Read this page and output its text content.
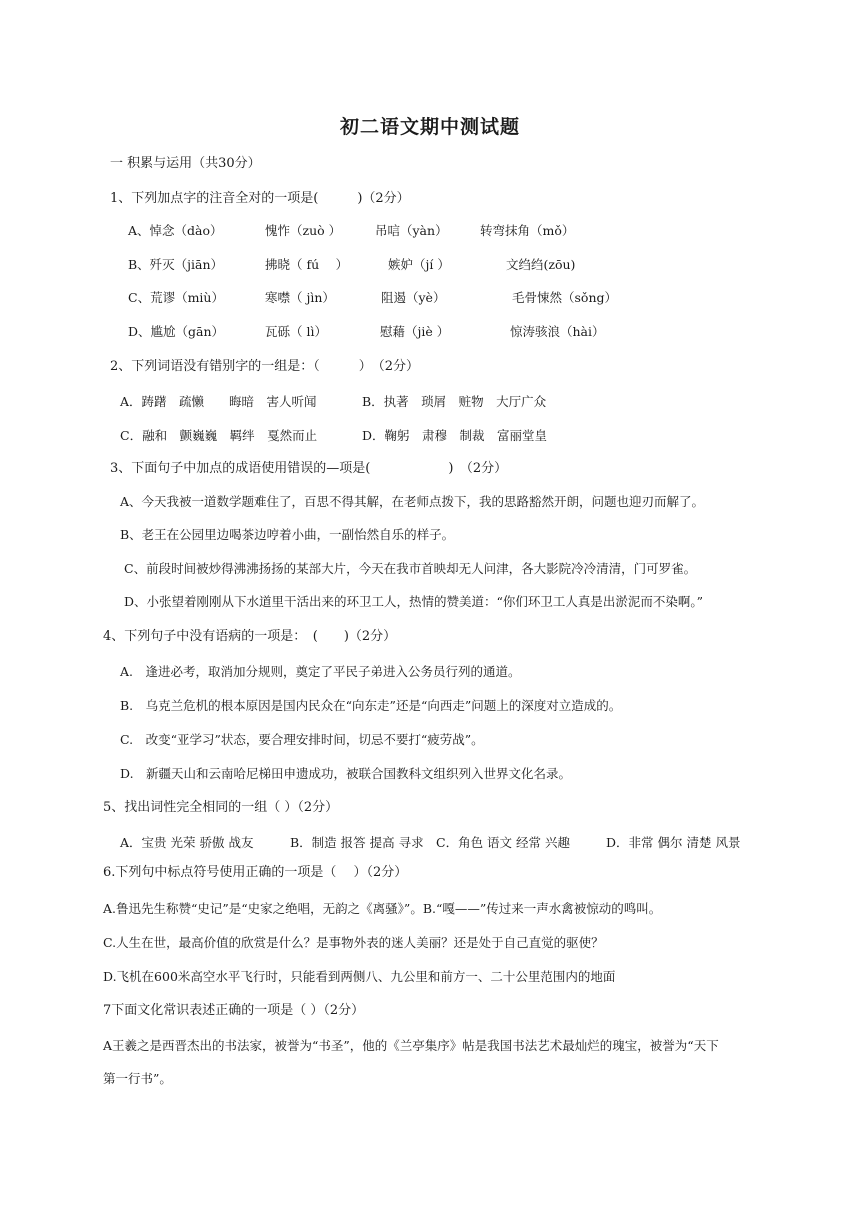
初二语文期中测试题
一 积累与运用（共30分）
1、下列加点字的注音全对的一项是(　　　)（2分）
A、悼念（dào）	愧怍（zuò ）	吊唁（yàn）	转弯抹角（mǒ）
B、歼灭（jiān）	拂晓（ fú　 ）	嫉妒（jí ）	文绉绉(zōu)
C、荒谬（miù）	寒噤（ jìn）	阻遏（yè）	毛骨悚然（sǒng）
D、尴尬（gān）	瓦砾（ lì）	慰藉（jiè ）	惊涛骇浪（hài）
2、下列词语没有错别字的一组是：（　　　）　（2分）
A．踌躇　疏懒　　晦暗　害人听闻	B．执著　琐屑　赃物　大厅广众
C．融和　颤巍巍　羁绊　戛然而止	D．鞠躬　肃穆　制裁　富丽堂皇
3、下面句子中加点的成语使用错误的—项是(　　　　　　)　（2分）
A、今天我被一道数学题难住了，百思不得其解，在老师点拨下，我的思路豁然开朗，问题也迎刃而解了。
B、老王在公园里边喝茶边哼着小曲，一副怡然自乐的样子。
C、前段时间被炒得沸沸扬扬的某部大片，今天在我市首映却无人问津，各大影院冷冷清清，门可罗雀。
D、小张望着刚刚从下水道里干活出来的环卫工人，热情的赞美道：“你们环卫工人真是出淤泥而不染啊。”
4、下列句子中没有语病的一项是：　(　　)（2分）
A.　逢进必考，取消加分规则，奠定了平民子弟进入公务员行列的通道。
B.　乌克兰危机的根本原因是国内民众在“向东走”还是“向西走”问题上的深度对立造成的。
C.　改变“亚学习”状态，要合理安排时间，切忌不要打“疲劳战”。
D.　新疆天山和云南哈尼梯田申遗成功，被联合国教科文组织列入世界文化名录。
5、找出词性完全相同的一组（ ）（2分）
A．宝贵 光荣 骄傲 战友	B．制造 报答 提高 寻求 C．角色 语文 经常 兴趣	D．非常 偶尔 清楚 风景
6.下列句中标点符号使用正确的一项是（　 ）（2分）
A.鲁迅先生称赞“史记”是“史家之绝唱，无韵之《离骚》”。B.“嘎——”传过来一声水禽被惊动的鸣叫。
C.人生在世，最高价值的欣赏是什么？是事物外表的迷人美丽？还是处于自己直觉的驱使？
D.飞机在600米高空水平飞行时，只能看到两侧八、九公里和前方一、二十公里范围内的地面
7下面文化常识表述正确的一项是（ ）（2分）
A王羲之是西晋杰出的书法家，被誉为“书圣”，他的《兰亭集序》帖是我国书法艺术最灿烂的瑰宝，被誉为“天下
第一行书”。
